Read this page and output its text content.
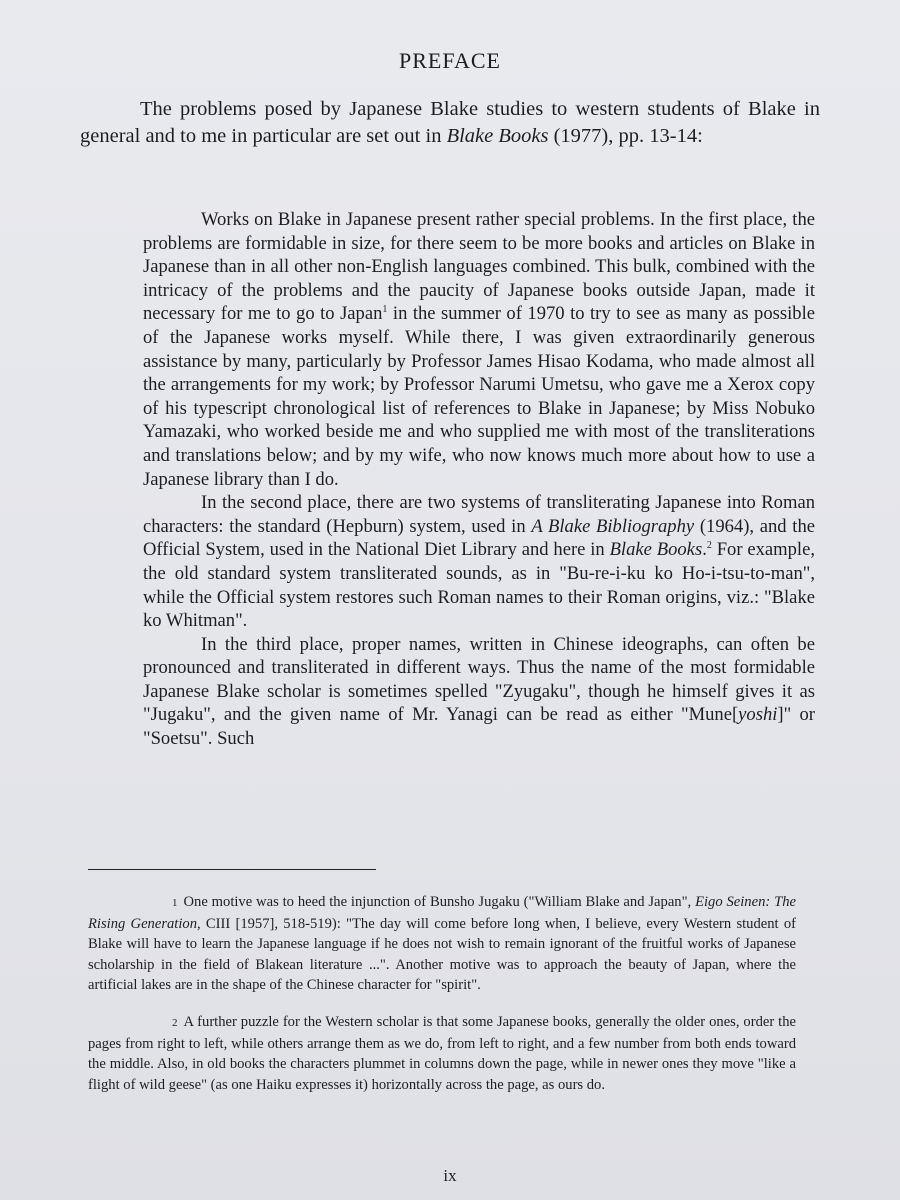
PREFACE

The problems posed by Japanese Blake studies to western students of Blake in general and to me in particular are set out in Blake Books (1977), pp. 13-14:

Works on Blake in Japanese present rather special problems. In the first place, the problems are formidable in size, for there seem to be more books and articles on Blake in Japanese than in all other non-English languages combined. This bulk, combined with the intricacy of the problems and the paucity of Japanese books outside Japan, made it necessary for me to go to Japan$^1$ in the summer of 1970 to try to see as many as possible of the Japanese works myself. While there, I was given extraordinarily generous assistance by many, particularly by Professor James Hisao Kodama, who made almost all the arrangements for my work; by Professor Narumi Umetsu, who gave me a Xerox copy of his typescript chronological list of references to Blake in Japanese; by Miss Nobuko Yamazaki, who worked beside me and who supplied me with most of the transliterations and translations below; and by my wife, who now knows much more about how to use a Japanese library than I do.

In the second place, there are two systems of transliterating Japanese into Roman characters: the standard (Hepburn) system, used in A Blake Bibliography (1964), and the Official System, used in the National Diet Library and here in Blake Books.$^2$ For example, the old standard system transliterated sounds, as in "Bu-re-i-ku ko Ho-i-tsu-to-man", while the Official system restores such Roman names to their Roman origins, viz.: "Blake ko Whitman".

In the third place, proper names, written in Chinese ideographs, can often be pronounced and transliterated in different ways. Thus the name of the most formidable Japanese Blake scholar is sometimes spelled "Zyugaku", though he himself gives it as "Jugaku", and the given name of Mr. Yanagi can be read as either "Mune[yoshi]" or "Soetsu". Such

1 One motive was to heed the injunction of Bunsho Jugaku ("William Blake and Japan", Eigo Seinen: The Rising Generation, CIII [1957], 518-519): "The day will come before long when, I believe, every Western student of Blake will have to learn the Japanese language if he does not wish to remain ignorant of the fruitful works of Japanese scholarship in the field of Blakean literature ...". Another motive was to approach the beauty of Japan, where the artificial lakes are in the shape of the Chinese character for "spirit".

2 A further puzzle for the Western scholar is that some Japanese books, generally the older ones, order the pages from right to left, while others arrange them as we do, from left to right, and a few number from both ends toward the middle. Also, in old books the characters plummet in columns down the page, while in newer ones they move "like a flight of wild geese" (as one Haiku expresses it) horizontally across the page, as ours do.

ix
